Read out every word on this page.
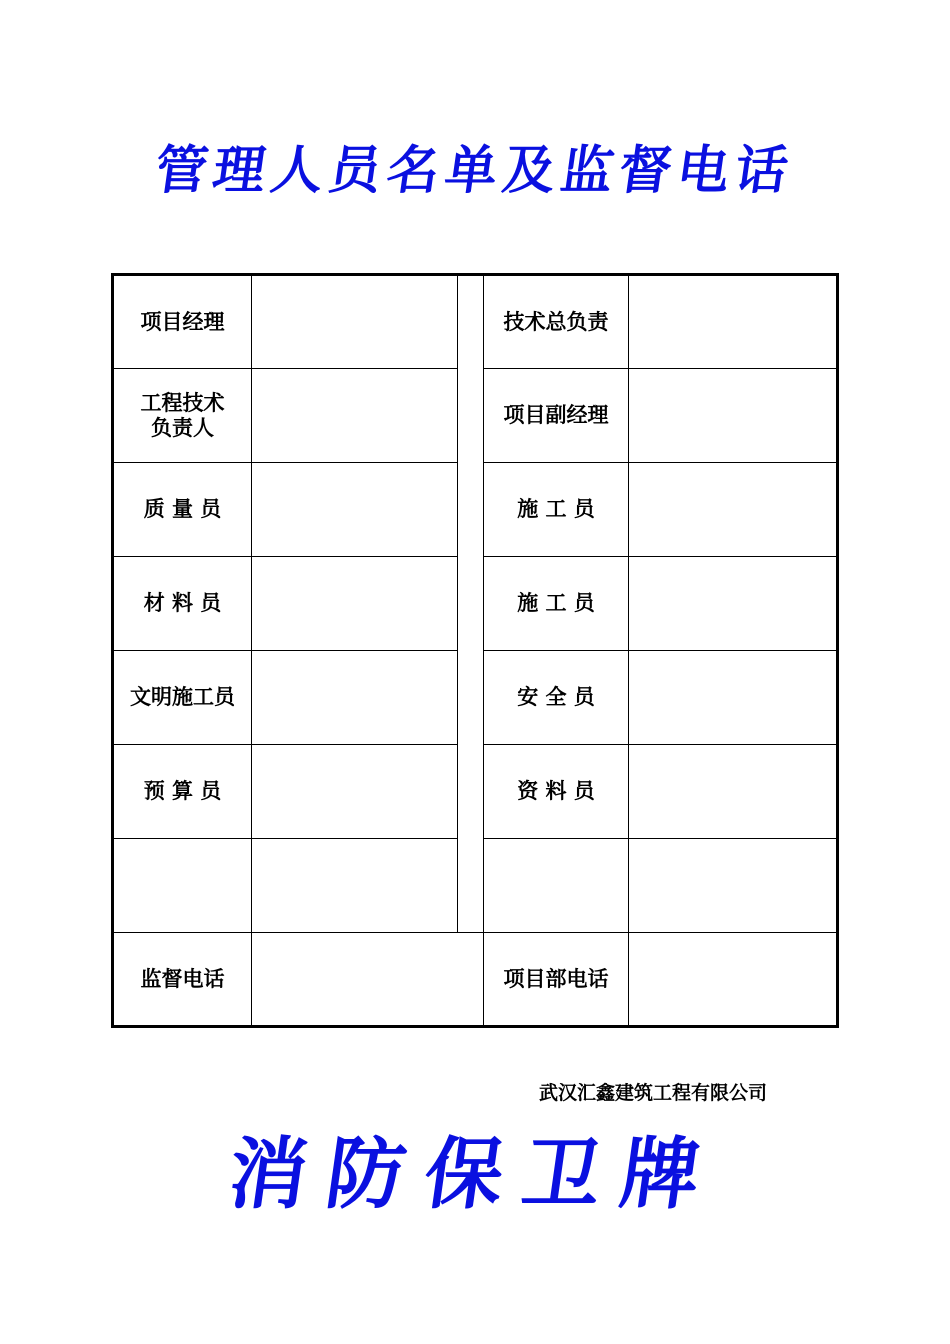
管理人员名单及监督电话
项目经理
工程技术
负责人
质 量 员
材 料 员
文明施工员
预 算 员
技术总负责
项目副经理
施 工 员
施 工 员
安 全 员
资 料 员
监督电话	项目部电话
武汉汇鑫建筑工程有限公司
消防保卫牌
